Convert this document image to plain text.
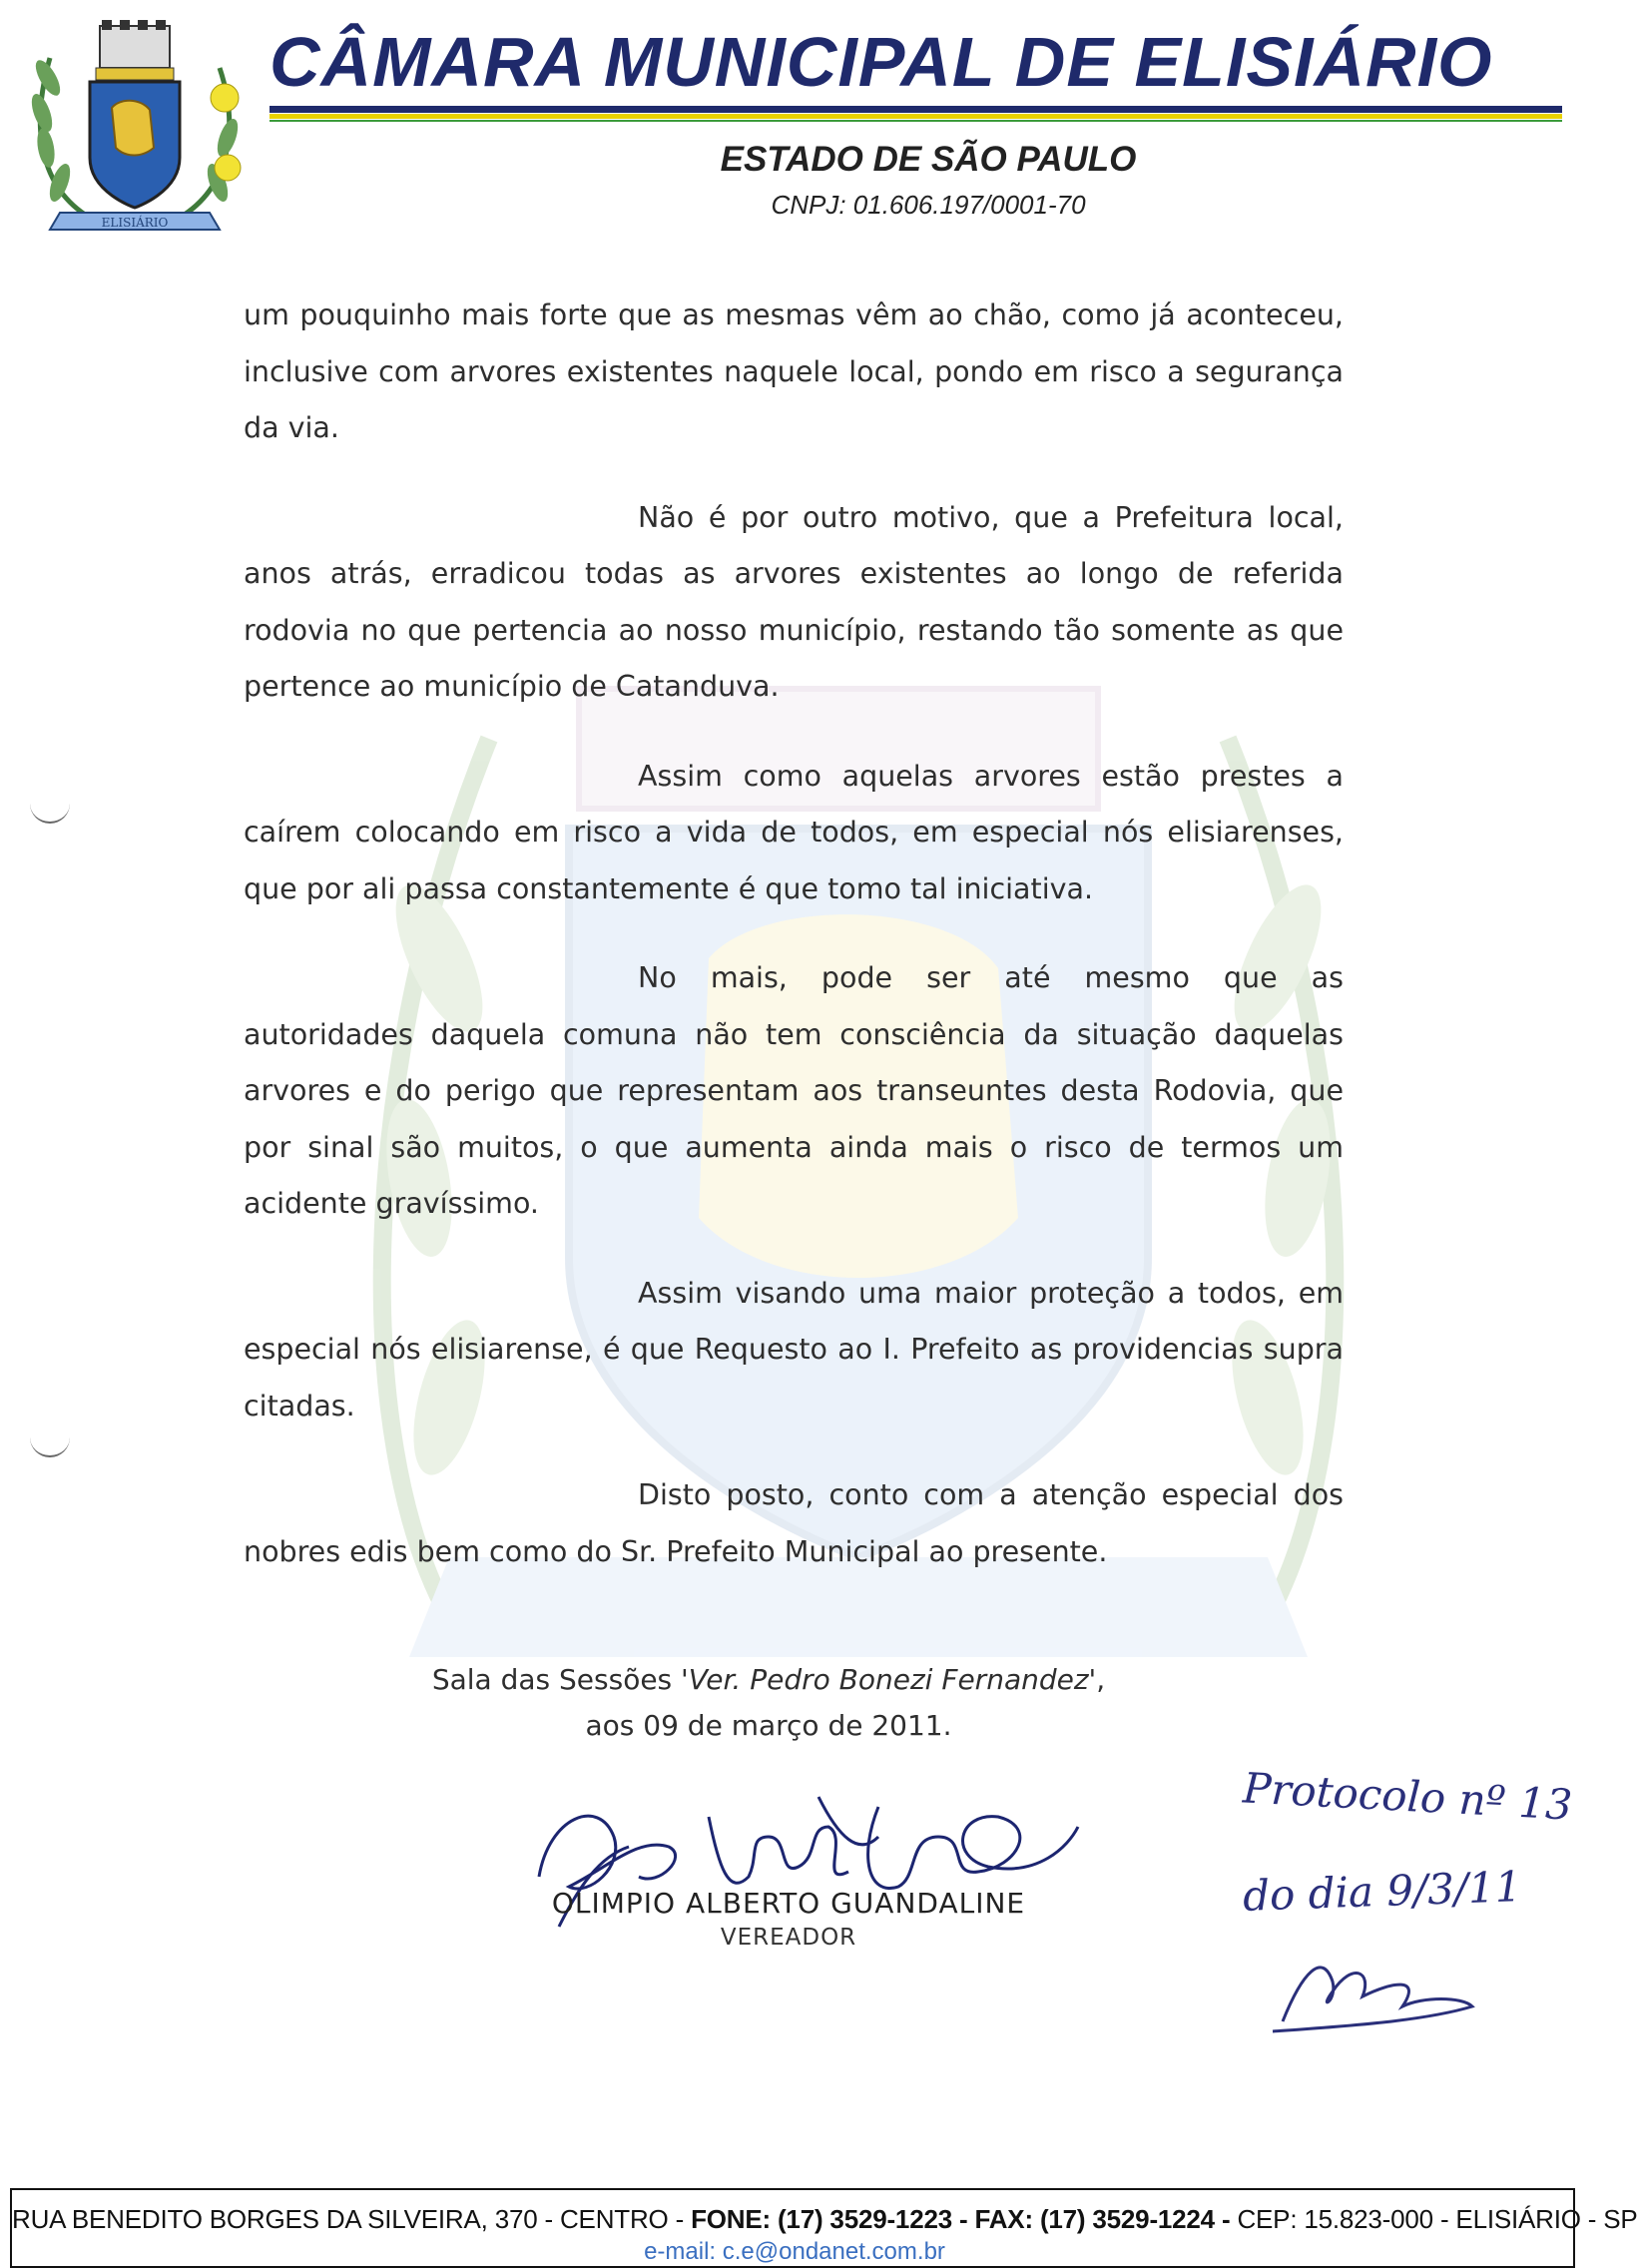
ELISIÁRIO
CÂMARA MUNICIPAL DE ELISIÁRIO
ESTADO DE SÃO PAULO
CNPJ: 01.606.197/0001-70

um pouquinho mais forte que as mesmas vêm ao chão, como já aconteceu, inclusive com arvores existentes naquele local, pondo em risco a segurança da via.

Não é por outro motivo, que a Prefeitura local, anos atrás, erradicou todas as arvores existentes ao longo de referida rodovia no que pertencia ao nosso município, restando tão somente as que pertence ao município de Catanduva.

Assim como aquelas arvores estão prestes a caírem colocando em risco a vida de todos, em especial nós elisiarenses, que por ali passa constantemente é que tomo tal iniciativa.

No mais, pode ser até mesmo que as autoridades daquela comuna não tem consciência da situação daquelas arvores e do perigo que representam aos transeuntes desta Rodovia, que por sinal são muitos, o que aumenta ainda mais o risco de termos um acidente gravíssimo.

Assim visando uma maior proteção a todos, em especial nós elisiarense, é que Requesto ao I. Prefeito as providencias supra citadas.

Disto posto, conto com a atenção especial dos nobres edis bem como do Sr. Prefeito Municipal ao presente.

Sala das Sessões 'Ver. Pedro Bonezi Fernandez',
aos 09 de março de 2011.
OLIMPIO ALBERTO GUANDALINE
VEREADOR
Protocolo nº 13
do dia 9/3/11
RUA BENEDITO BORGES DA SILVEIRA, 370 - CENTRO - FONE: (17) 3529-1223 - FAX: (17) 3529-1224 - CEP: 15.823-000 - ELISIÁRIO - SP
e-mail: c.e@ondanet.com.br
